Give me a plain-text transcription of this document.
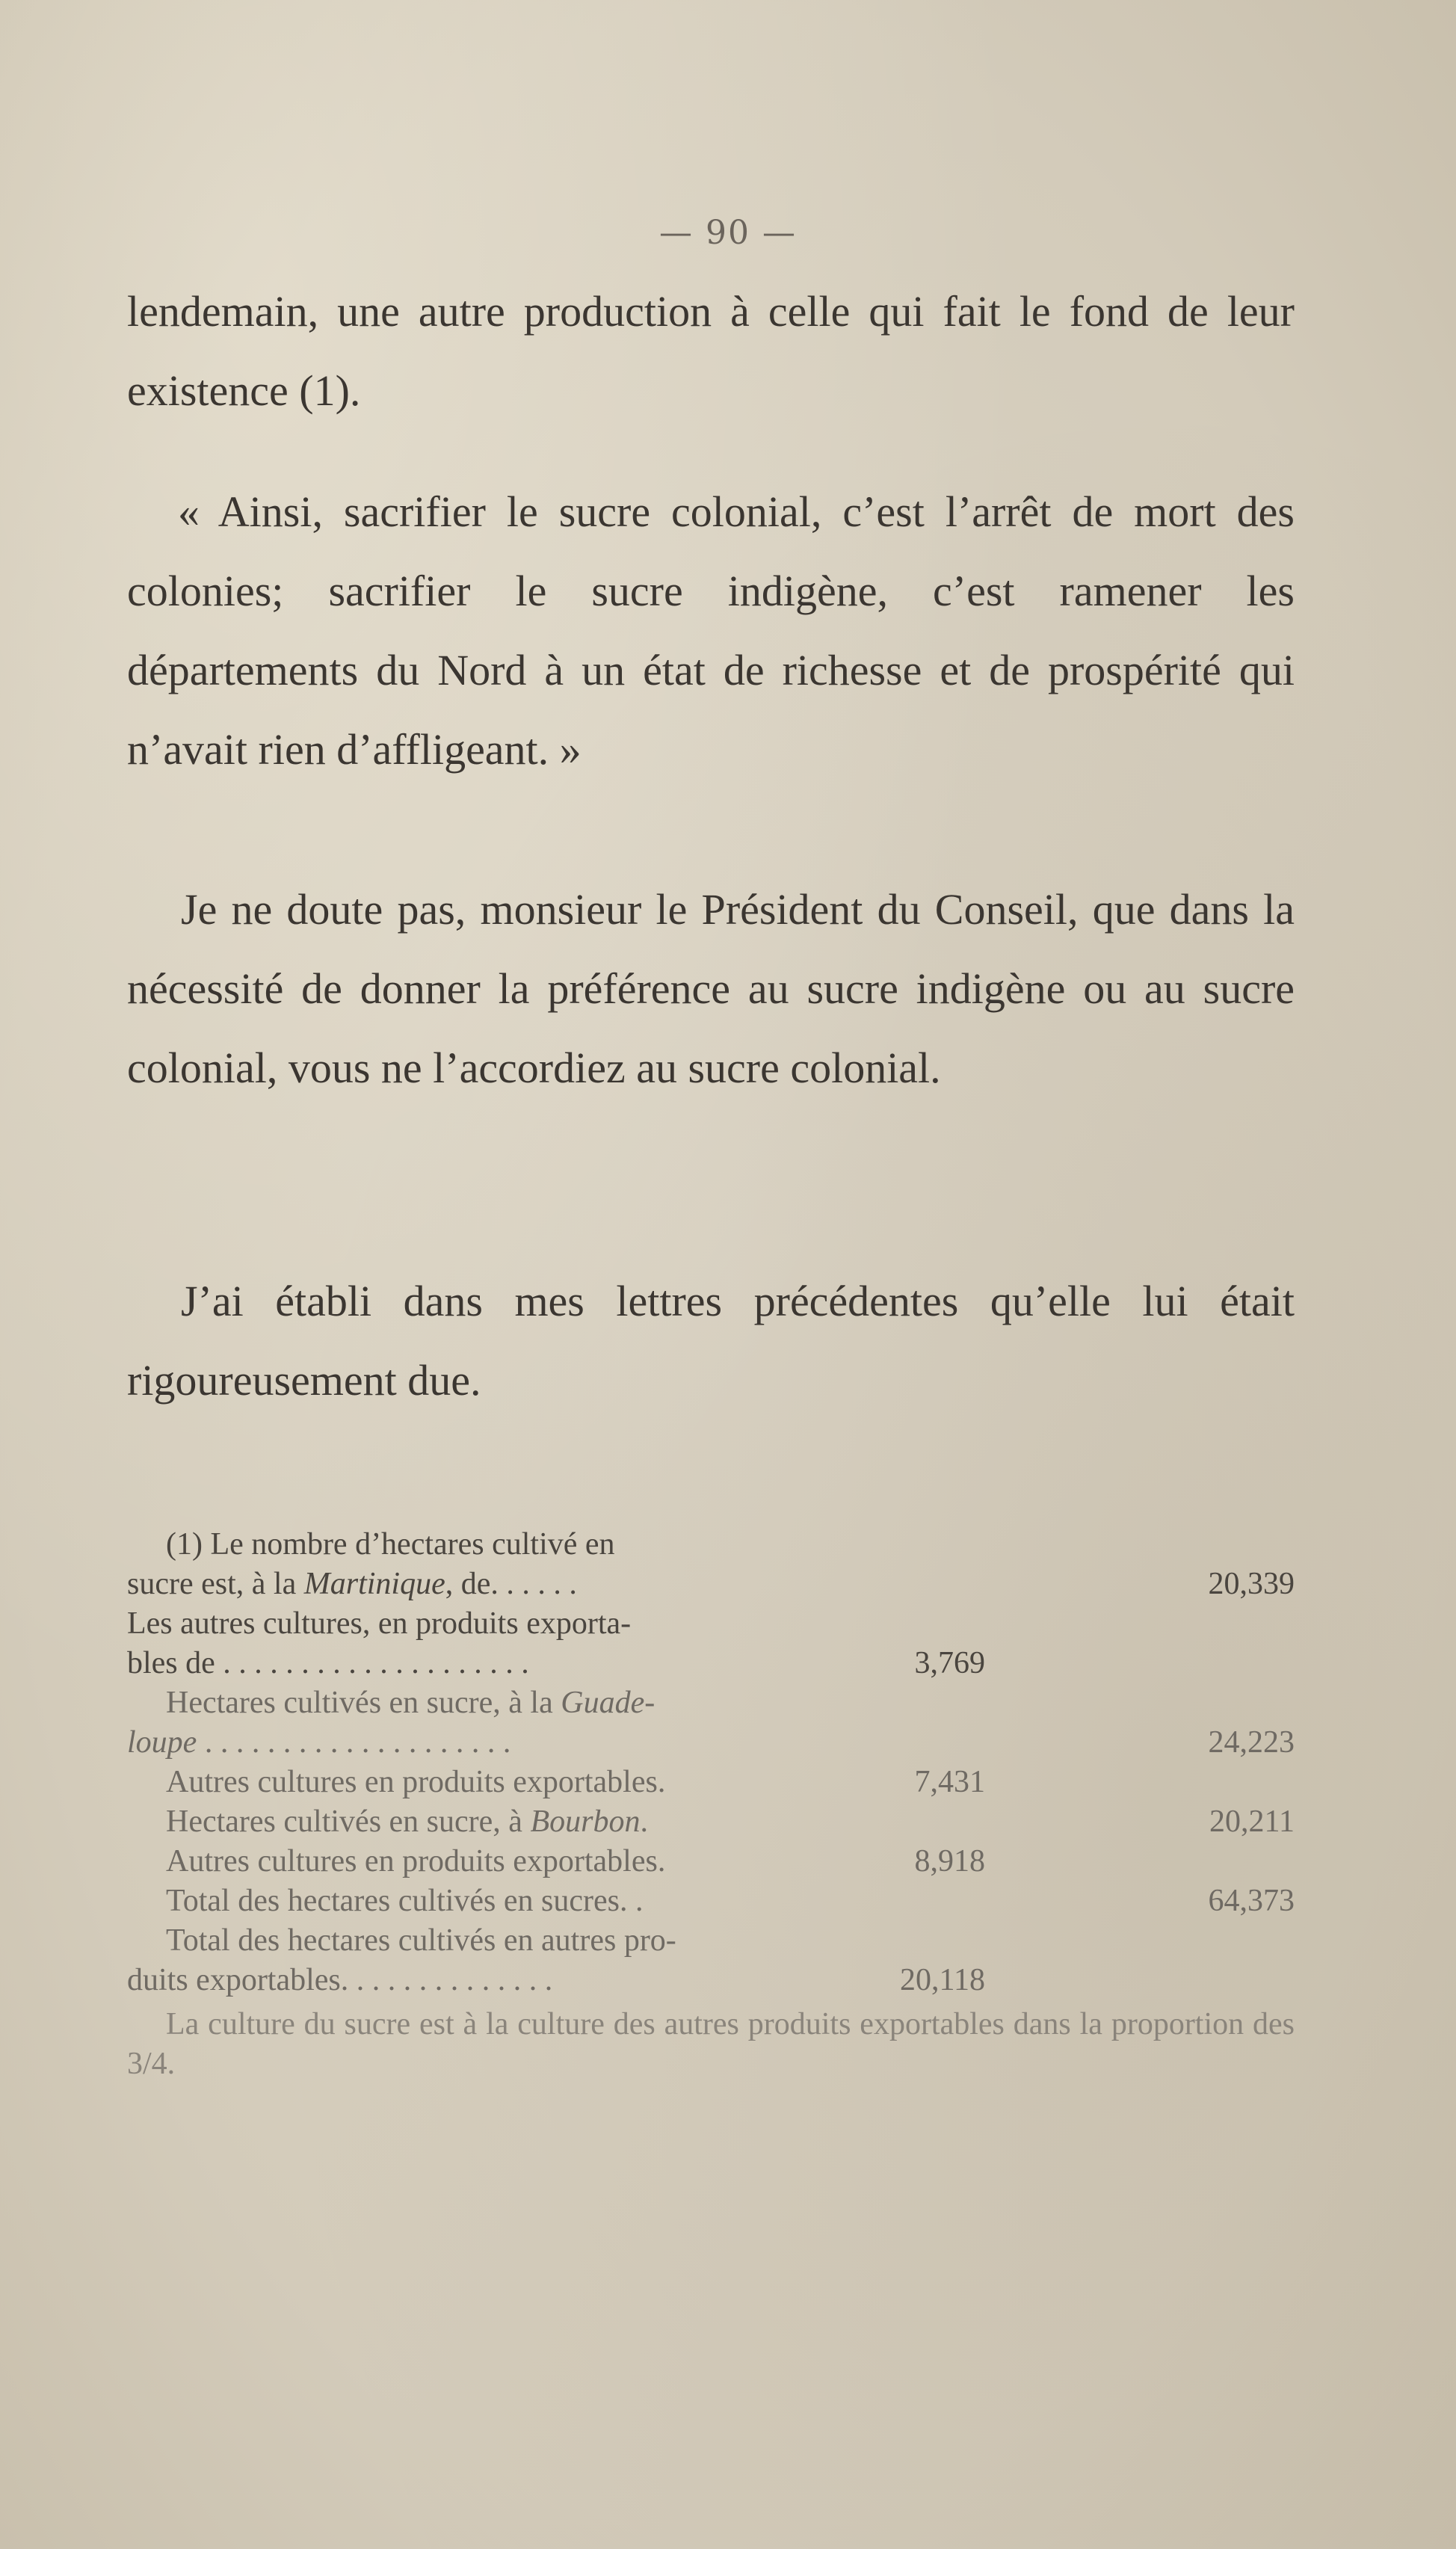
— 90 —

lendemain, une autre production à celle qui fait le fond de leur existence (1).

« Ainsi, sacrifier le sucre colonial, c’est l’arrêt de mort des colonies; sacrifier le sucre indigène, c’est ramener les départements du Nord à un état de richesse et de prospérité qui n’avait rien d’affligeant. »

Je ne doute pas, monsieur le Président du Conseil, que dans la nécessité de donner la préférence au sucre indigène ou au sucre colonial, vous ne l’accordiez au sucre colonial.

J’ai établi dans mes lettres précédentes qu’elle lui était rigoureusement due.

(1) Le nombre d’hectares cultivé en
sucre est, à la Martinique, de. . . . . .	20,339
Les autres cultures, en produits exporta-
bles de . . . . . . . . . . . . . . . . . . . .	3,769
Hectares cultivés en sucre, à la Guade-
loupe . . . . . . . . . . . . . . . . . . . .	24,223
Autres cultures en produits exportables.	7,431
Hectares cultivés en sucre, à Bourbon.	20,211
Autres cultures en produits exportables.	8,918
Total des hectares cultivés en sucres. .	64,373
Total des hectares cultivés en autres pro-
duits exportables. . . . . . . . . . . . . .	20,118
La culture du sucre est à la culture des autres produits exportables dans la proportion des 3/4.
